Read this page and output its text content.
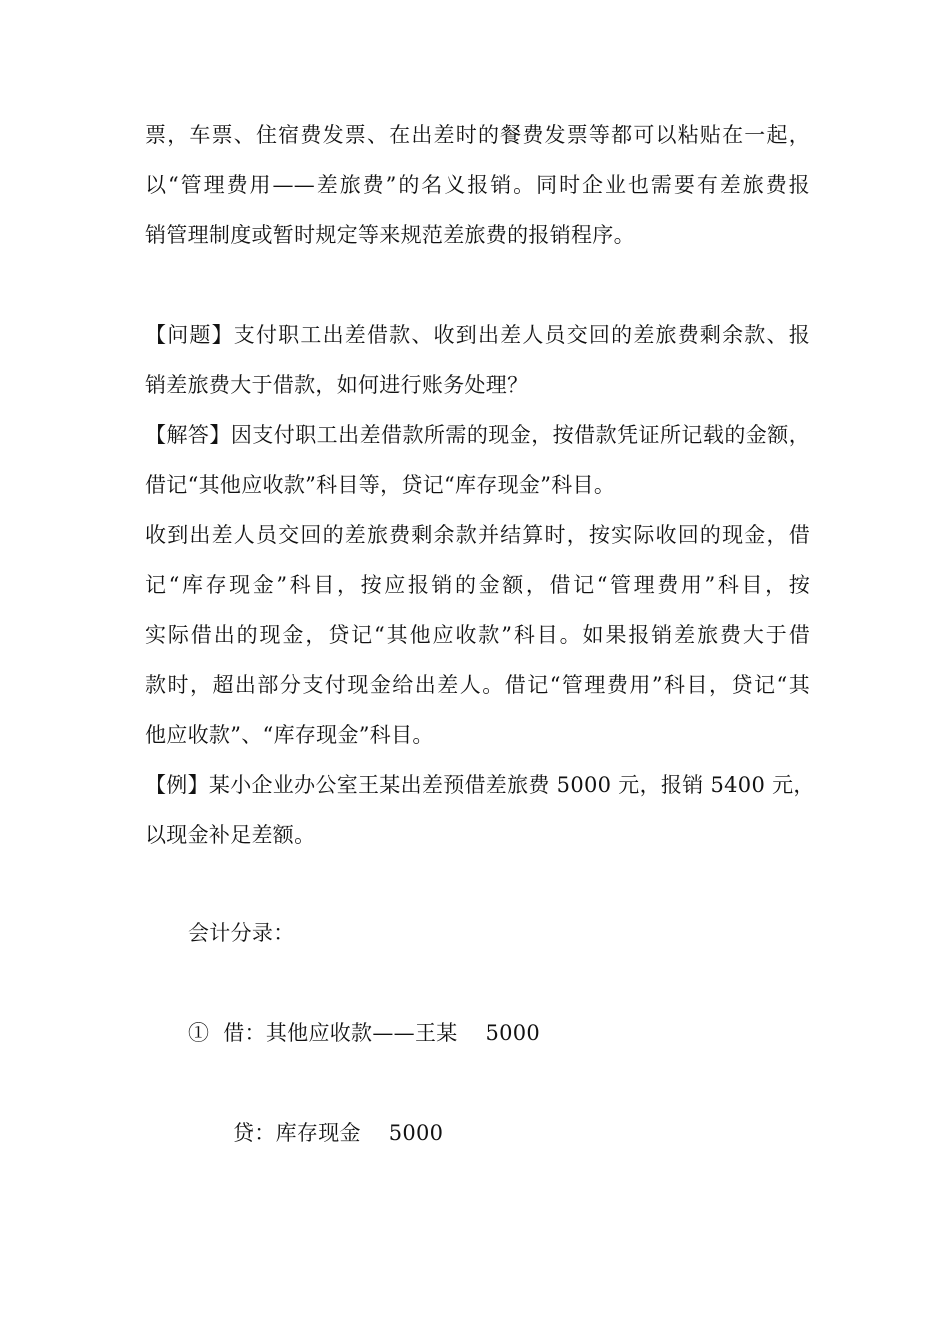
票，车票、住宿费发票、在出差时的餐费发票等都可以粘贴在一起，
以“管理费用——差旅费”的名义报销。同时企业也需要有差旅费报
销管理制度或暂时规定等来规范差旅费的报销程序。
【问题】支付职工出差借款、收到出差人员交回的差旅费剩余款、报
销差旅费大于借款，如何进行账务处理？
【解答】因支付职工出差借款所需的现金，按借款凭证所记载的金额，
借记“其他应收款”科目等，贷记“库存现金”科目。
收到出差人员交回的差旅费剩余款并结算时，按实际收回的现金，借
记“库存现金”科目，按应报销的金额，借记“管理费用”科目，按
实际借出的现金，贷记“其他应收款”科目。如果报销差旅费大于借
款时，超出部分支付现金给出差人。借记“管理费用”科目，贷记“其
他应收款”、“库存现金”科目。
【例】某小企业办公室王某出差预借差旅费 5000 元，报销 5400 元，
以现金补足差额。
会计分录：
①  借：其他应收款——王某    5000
贷：库存现金    5000
